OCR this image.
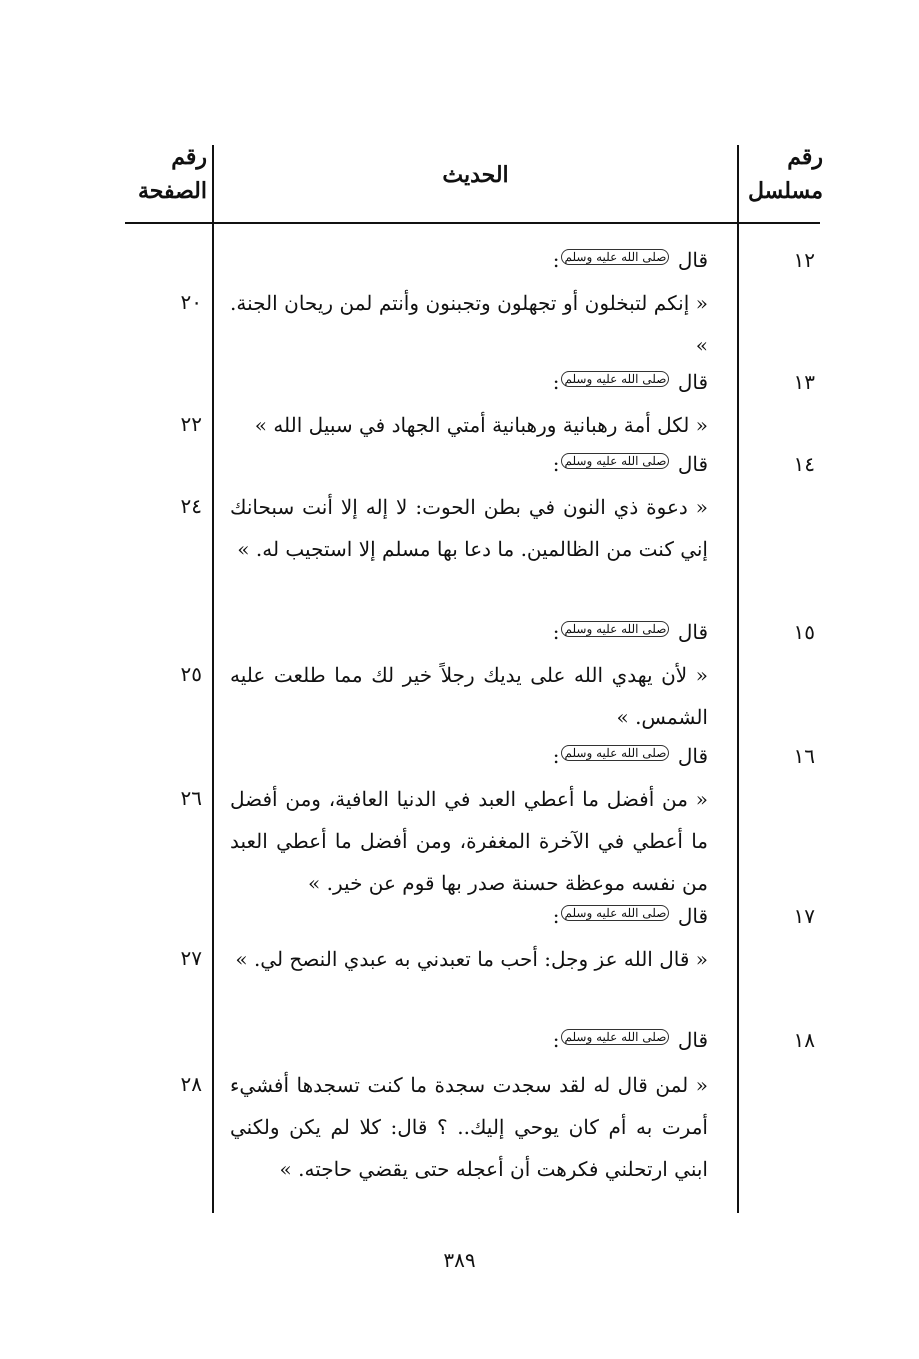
رقم مسلسل
الحديث
رقم الصفحة
١٢
قال صلى الله عليه وسلم:
« إنكم لتبخلون أو تجهلون وتجبنون وأنتم لمن ريحان الجنة. »
٢٠
١٣
قال صلى الله عليه وسلم:
« لكل أمة رهبانية ورهبانية أمتي الجهاد في سبيل الله »
٢٢
١٤
قال صلى الله عليه وسلم:
« دعوة ذي النون في بطن الحوت: لا إله إلا أنت سبحانك إني كنت من الظالمين. ما دعا بها مسلم إلا استجيب له. »
٢٤
١٥
قال صلى الله عليه وسلم:
« لأن يهدي الله على يديك رجلاً خير لك مما طلعت عليه الشمس. »
٢٥
١٦
قال صلى الله عليه وسلم:
« من أفضل ما أعطي العبد في الدنيا العافية، ومن أفضل ما أعطي في الآخرة المغفرة، ومن أفضل ما أعطي العبد من نفسه موعظة حسنة صدر بها قوم عن خير. »
٢٦
١٧
قال صلى الله عليه وسلم:
« قال الله عز وجل: أحب ما تعبدني به عبدي النصح لي. »
٢٧
١٨
قال صلى الله عليه وسلم:
« لمن قال له لقد سجدت سجدة ما كنت تسجدها أفشيء أمرت به أم كان يوحي إليك.. ؟ قال: كلا لم يكن ولكني ابني ارتحلني فكرهت أن أعجله حتى يقضي حاجته. »
٢٨
٣٨٩
